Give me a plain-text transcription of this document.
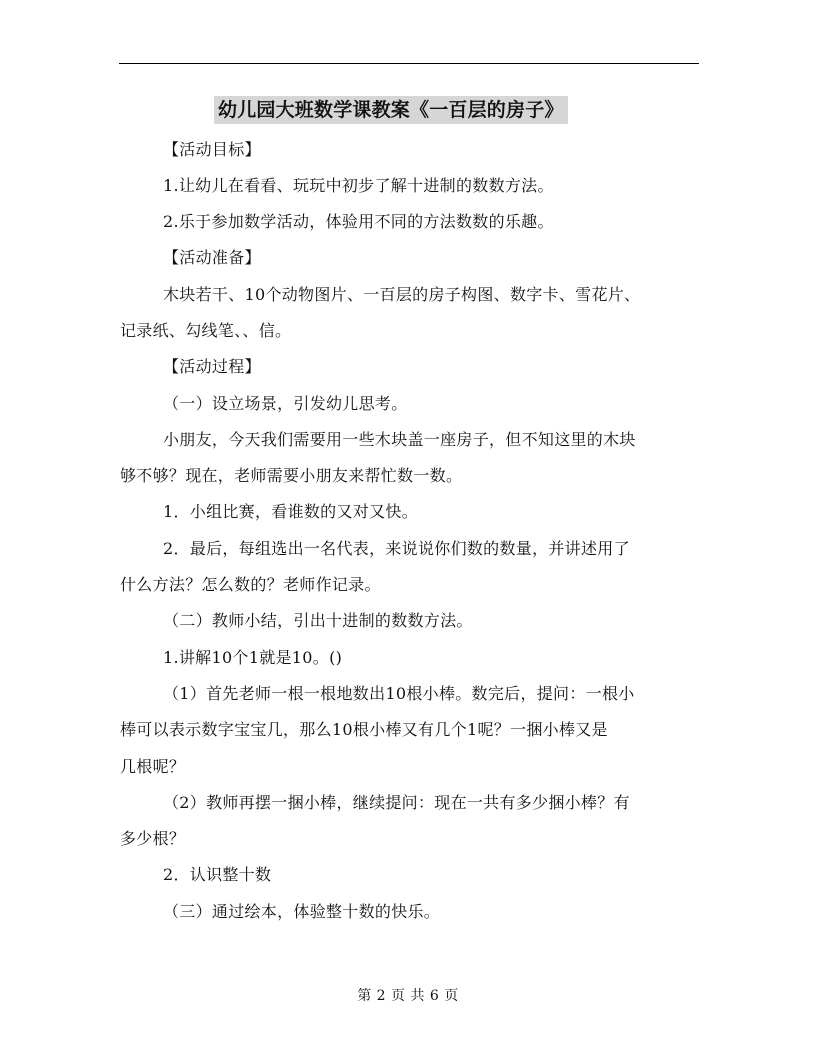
幼儿园大班数学课教案《一百层的房子》
【活动目标】
1.让幼儿在看看、玩玩中初步了解十进制的数数方法。
2.乐于参加数学活动，体验用不同的方法数数的乐趣。
【活动准备】
木块若干、10个动物图片、一百层的房子构图、数字卡、雪花片、
记录纸、勾线笔、、信。
【活动过程】
（一）设立场景，引发幼儿思考。
小朋友，今天我们需要用一些木块盖一座房子，但不知这里的木块
够不够？现在，老师需要小朋友来帮忙数一数。
1．小组比赛，看谁数的又对又快。
2．最后，每组选出一名代表，来说说你们数的数量，并讲述用了
什么方法？怎么数的？老师作记录。
（二）教师小结，引出十进制的数数方法。
1.讲解10个1就是10。()
（1）首先老师一根一根地数出10根小棒。数完后，提问：一根小
棒可以表示数字宝宝几，那么10根小棒又有几个1呢？一捆小棒又是
几根呢？
（2）教师再摆一捆小棒，继续提问：现在一共有多少捆小棒？有
多少根？
2．认识整十数
（三）通过绘本，体验整十数的快乐。
第 2 页 共 6 页
